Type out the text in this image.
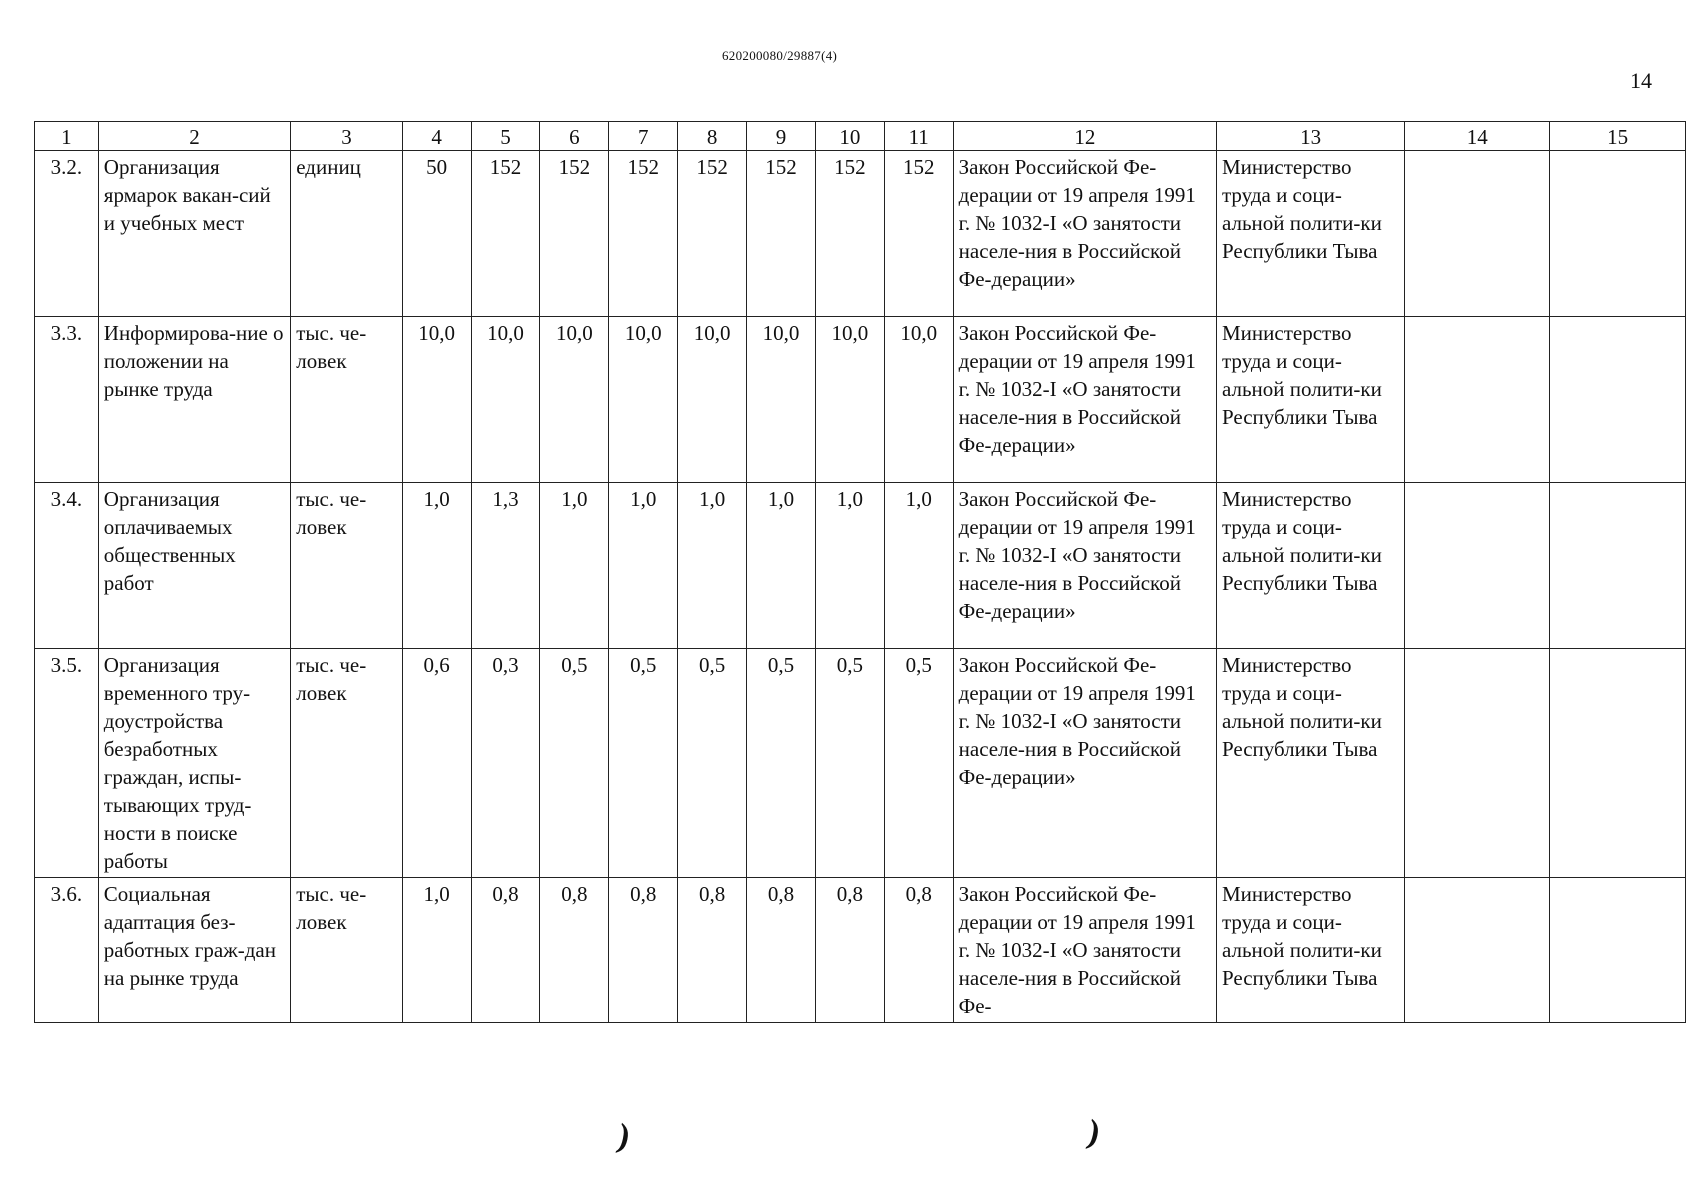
620200080/29887(4)
14
1	2	3	4	5	6	7	8	9	10	11	12	13	14	15
3.2.	Организация ярмарок вакан-сий и учебных мест	единиц	50	152	152	152	152	152	152	152	Закон Российской Фе-дерации от 19 апреля 1991 г. № 1032-I «О занятости населе-ния в Российской Фе-дерации»	Министерство труда и соци-альной полити-ки Республики Тыва		
3.3.	Информирова-ние о положении на рынке труда	тыс. че-ловек	10,0	10,0	10,0	10,0	10,0	10,0	10,0	10,0	Закон Российской Фе-дерации от 19 апреля 1991 г. № 1032-I «О занятости населе-ния в Российской Фе-дерации»	Министерство труда и соци-альной полити-ки Республики Тыва		
3.4.	Организация оплачиваемых общественных работ	тыс. че-ловек	1,0	1,3	1,0	1,0	1,0	1,0	1,0	1,0	Закон Российской Фе-дерации от 19 апреля 1991 г. № 1032-I «О занятости населе-ния в Российской Фе-дерации»	Министерство труда и соци-альной полити-ки Республики Тыва		
3.5.	Организация временного тру-доустройства безработных граждан, испы-тывающих труд-ности в поиске работы	тыс. че-ловек	0,6	0,3	0,5	0,5	0,5	0,5	0,5	0,5	Закон Российской Фе-дерации от 19 апреля 1991 г. № 1032-I «О занятости населе-ния в Российской Фе-дерации»	Министерство труда и соци-альной полити-ки Республики Тыва		
3.6.	Социальная адаптация без-работных граж-дан на рынке труда	тыс. че-ловек	1,0	0,8	0,8	0,8	0,8	0,8	0,8	0,8	Закон Российской Фе-дерации от 19 апреля 1991 г. № 1032-I «О занятости населе-ния в Российской Фе-	Министерство труда и соци-альной полити-ки Республики Тыва		
)	)
